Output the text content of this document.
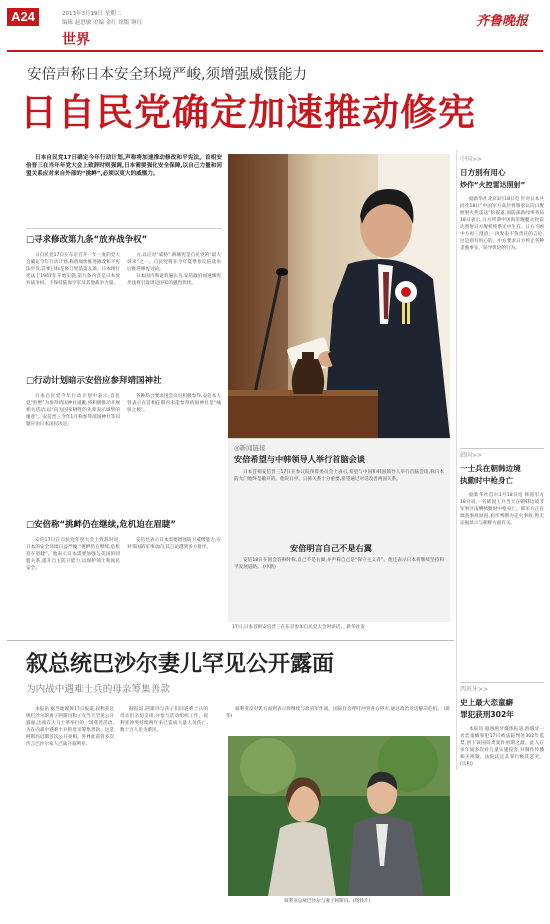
A24	2013年3月19日 星期二
编辑 赵思敏 美编 金红 组版 继红
世界
齐鲁晚报
安倍声称日本安全环境严峻,须增强威慑能力
日自民党确定加速推动修宪

日本自民党17日确定今年行动计划,声称将加速推动修改和平宪法。首相安倍晋三在当年年党大会上致辞时则强调,日本需要强化安全保障,以自己力量和同盟关系应对来自外部的“挑衅”,必须以更大的威慑力。

□寻求修改第九条“放弃战争权”

日自民党17日在东京召开一年一度的党大会确定今年行动计划,称将加快推进修改和平宪法步伐,首要目标是修订宪法第九条。日本现行宪法于1947年开始实施,第九条内容是日本放弃战争权、不保持陆海空军及其他战争力量。

力,以应对“威胁”,称修宪是自民党的“最大诉求”之一。自民党将在今年夏季参议院选举后推进修宪讨论。

日本国内舆论普遍认为,安倍政府加速修宪步伐将引发周边国家的强烈担忧。

□行动计划暗示安倍应参拜靖国神社

日本自民党今年行动计划中表示,自民党“拒绝”为参拜靖国神社道歉,将积极推动开展相关活动,以“向为国家牺牲的先辈表示诚挚的谢意”。安倍晋三今年1月称参拜靖国神社等问题应由日本国民决定。

各种场合要求国会议员积极参拜,安倍本人曾表示在首相任期内未能参拜靖国神社是“痛恨之极”。

□安倍称“挑衅仍在继续,危机迫在眉睫”

安倍17日在自民党年度大会上致辞时说,日本的安全环境日益严峻,“挑衅仍在继续,危机迫在眉睫”。他表示日本需要加强与美国的同盟关系,提升自主防卫能力,以保护领土和国民安全。

安倍还表示日本需要增强防卫威慑能力,应对邻国的军事动向,其言论遭到多方批评。

◎新闻链接
安倍希望与中韩领导人举行首脑会谈

日本首相安倍晋三17日在参议院预算委员会上表示,希望与中国和韩国领导人举行首脑会谈,称日本的大门始终是敞开的。他说日中、日韩关系十分重要,希望通过对话改善两国关系。

安倍明言自己不是右翼

安倍18日在国会答辩时称,自己不是右翼,并声称自己是“保守主义者”。他还表示日本将继续坚持和平发展道路。 (中新)

17日,日本首相安倍晋三在东京参加自民党大会时讲话。 新华社发
中国>>
日方别有用心
炒作“火控雷达照射”

据新华社北京3月18日电 针对日本共同社18日“中国军方高层将领承认向日舰照射火控雷达”的报道,国防部新闻事务局18日表示,日方所谓中国海军舰艇火控雷达照射日方舰机纯系无中生有。日方不顾中方再三澄清,一再发表不负责任的言论,这是别有用心的。中方要求日方停止各种歪曲事实、误导舆论的行为。

韩国>>
一士兵在朝韩边境
执勤时中枪身亡

据新华社首尔3月18日电 韩国军方18日说,一名韩国士兵当天在朝韩边境非军事区南侧执勤时中枪身亡。韩军方正在调查事故原因,初步判断为走火事故,暂无证据显示与朝鲜方面有关。

西班牙>>
史上最大恋童癖
罪犯获刑302年

本报讯 据西班牙媒体报道,西班牙一名恋童癖罪犯17日被法院判处302年监禁,创下该国同类案件刑期之最。此人在多年间多次对儿童实施侵害,并制作传播相关视频。法院认定其罪行极其恶劣。 (宗和)

叙总统巴沙尔妻儿罕见公开露面
为内战中遇难士兵的母亲筹集善款

本报讯 据当地媒体17日报道,叙利亚总统巴沙尔的妻子阿斯玛和子女当天罕见公开露面,出席在大马士革举行的一场慈善活动,为在内战中遇难士兵的母亲筹集善款。这是阿斯玛近期首次公开亮相。外界此前曾多次传言巴沙尔家人已离开叙利亚。

据报道,阿斯玛与孩子们同遇难士兵的母亲们亲切交谈,并参与活动组织工作。叙利亚冲突持续两年来已造成大量人员伤亡,数十万人沦为难民。

叙利亚总统巴沙尔与妻子阿斯玛。(资料片)

叙利亚反对派方面则表示将继续与政府军作战。国际社会呼吁冲突各方停火,通过政治对话解决危机。 (新华)
